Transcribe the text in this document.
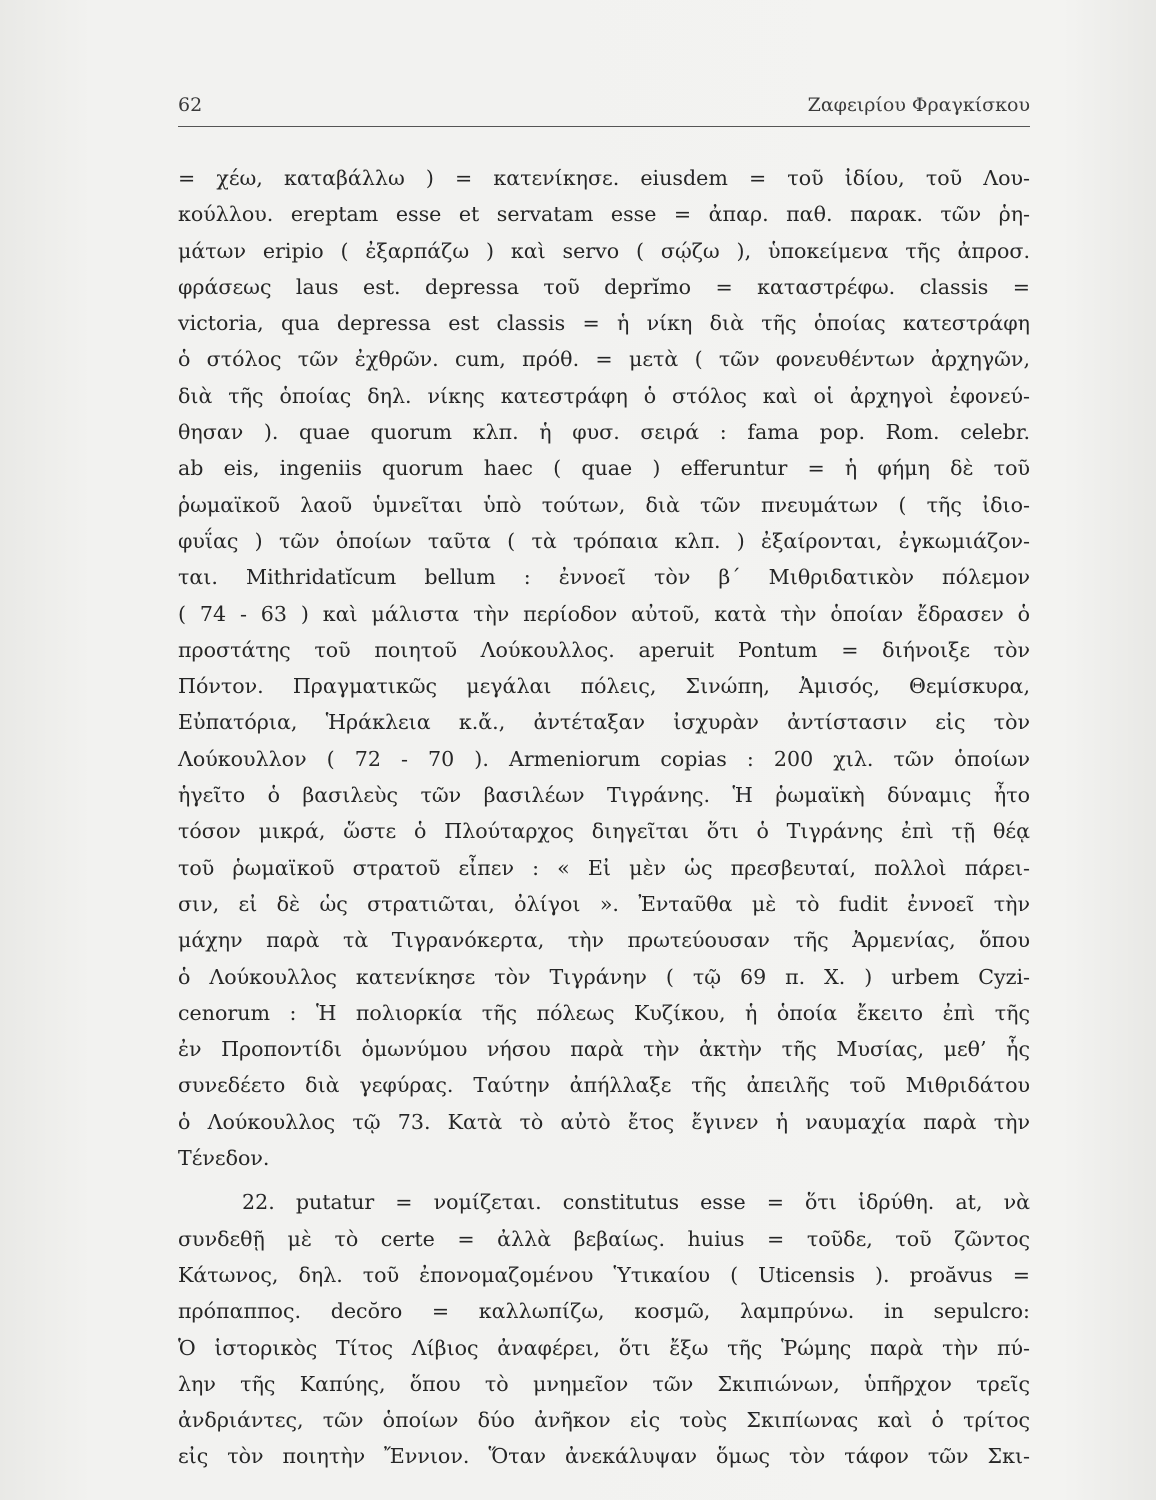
62	Ζαφειρίου Φραγκίσκου
= χέω, καταβάλλω ) = κατενίκησε. eiusdem = τοῦ ἰδίου, τοῦ Λου-
κούλλου. ereptam esse et servatam esse = ἀπαρ. παθ. παρακ. τῶν ῥη-
μάτων eripio ( ἐξαρπάζω ) καὶ servo ( σῴζω ), ὑποκείμενα τῆς ἀπροσ.
φράσεως laus est. depressa τοῦ deprĭmo = καταστρέφω. classis =
victoria, qua depressa est classis = ἡ νίκη διὰ τῆς ὁποίας κατεστράφη
ὁ στόλος τῶν ἐχθρῶν. cum, πρόθ. = μετὰ ( τῶν φονευθέντων ἀρχηγῶν,
διὰ τῆς ὁποίας δηλ. νίκης κατεστράφη ὁ στόλος καὶ οἱ ἀρχηγοὶ ἐφονεύ-
θησαν ). quae quorum κλπ. ἡ φυσ. σειρά : fama pop. Rom. celebr.
ab eis, ingeniis quorum haec ( quae ) efferuntur = ἡ φήμη δὲ τοῦ
ῥωμαϊκοῦ λαοῦ ὑμνεῖται ὑπὸ τούτων, διὰ τῶν πνευμάτων ( τῆς ἰδιο-
φυΐας ) τῶν ὁποίων ταῦτα ( τὰ τρόπαια κλπ. ) ἐξαίρονται, ἐγκωμιάζον-
ται. Mithridatĭcum bellum : ἐννοεῖ τὸν β΄ Μιθριδατικὸν πόλεμον
( 74 - 63 ) καὶ μάλιστα τὴν περίοδον αὐτοῦ, κατὰ τὴν ὁποίαν ἔδρασεν ὁ
προστάτης τοῦ ποιητοῦ Λούκουλλος. aperuit Pontum = διήνοιξε τὸν
Πόντον. Πραγματικῶς μεγάλαι πόλεις, Σινώπη, Ἀμισός, Θεμίσκυρα,
Εὐπατόρια, Ἡράκλεια κ.ἄ., ἀντέταξαν ἰσχυρὰν ἀντίστασιν εἰς τὸν
Λούκουλλον ( 72 - 70 ). Armeniorum copias : 200 χιλ. τῶν ὁποίων
ἡγεῖτο ὁ βασιλεὺς τῶν βασιλέων Τιγράνης. Ἡ ῥωμαϊκὴ δύναμις ἦτο
τόσον μικρά, ὥστε ὁ Πλούταρχος διηγεῖται ὅτι ὁ Τιγράνης ἐπὶ τῇ θέᾳ
τοῦ ῥωμαϊκοῦ στρατοῦ εἶπεν : « Εἰ μὲν ὡς πρεσβευταί, πολλοὶ πάρει-
σιν, εἰ δὲ ὡς στρατιῶται, ὀλίγοι ». Ἐνταῦθα μὲ τὸ fudit ἐννοεῖ τὴν
μάχην παρὰ τὰ Τιγρανόκερτα, τὴν πρωτεύουσαν τῆς Ἀρμενίας, ὅπου
ὁ Λούκουλλος κατενίκησε τὸν Τιγράνην ( τῷ 69 π. Χ. ) urbem Cyzi-
cenorum : Ἡ πολιορκία τῆς πόλεως Κυζίκου, ἡ ὁποία ἔκειτο ἐπὶ τῆς
ἐν Προποντίδι ὁμωνύμου νήσου παρὰ τὴν ἀκτὴν τῆς Μυσίας, μεθ’ ἧς
συνεδέετο διὰ γεφύρας. Ταύτην ἀπήλλαξε τῆς ἀπειλῆς τοῦ Μιθριδάτου
ὁ Λούκουλλος τῷ 73. Κατὰ τὸ αὐτὸ ἔτος ἔγινεν ἡ ναυμαχία παρὰ τὴν
Τένεδον.
22. putatur = νομίζεται. constitutus esse = ὅτι ἱδρύθη. at, νὰ
συνδεθῇ μὲ τὸ certe = ἀλλὰ βεβαίως. huius = τοῦδε, τοῦ ζῶντος
Κάτωνος, δηλ. τοῦ ἐπονομαζομένου Ὑτικαίου ( Uticensis ). proăvus =
πρόπαππος. decŏro = καλλωπίζω, κοσμῶ, λαμπρύνω. in sepulcro:
Ὁ ἱστορικὸς Τίτος Λίβιος ἀναφέρει, ὅτι ἔξω τῆς Ῥώμης παρὰ τὴν πύ-
λην τῆς Καπύης, ὅπου τὸ μνημεῖον τῶν Σκιπιώνων, ὑπῆρχον τρεῖς
ἀνδριάντες, τῶν ὁποίων δύο ἀνῆκον εἰς τοὺς Σκιπίωνας καὶ ὁ τρίτος
εἰς τὸν ποιητὴν Ἔννιον. Ὅταν ἀνεκάλυψαν ὅμως τὸν τάφον τῶν Σκι-
